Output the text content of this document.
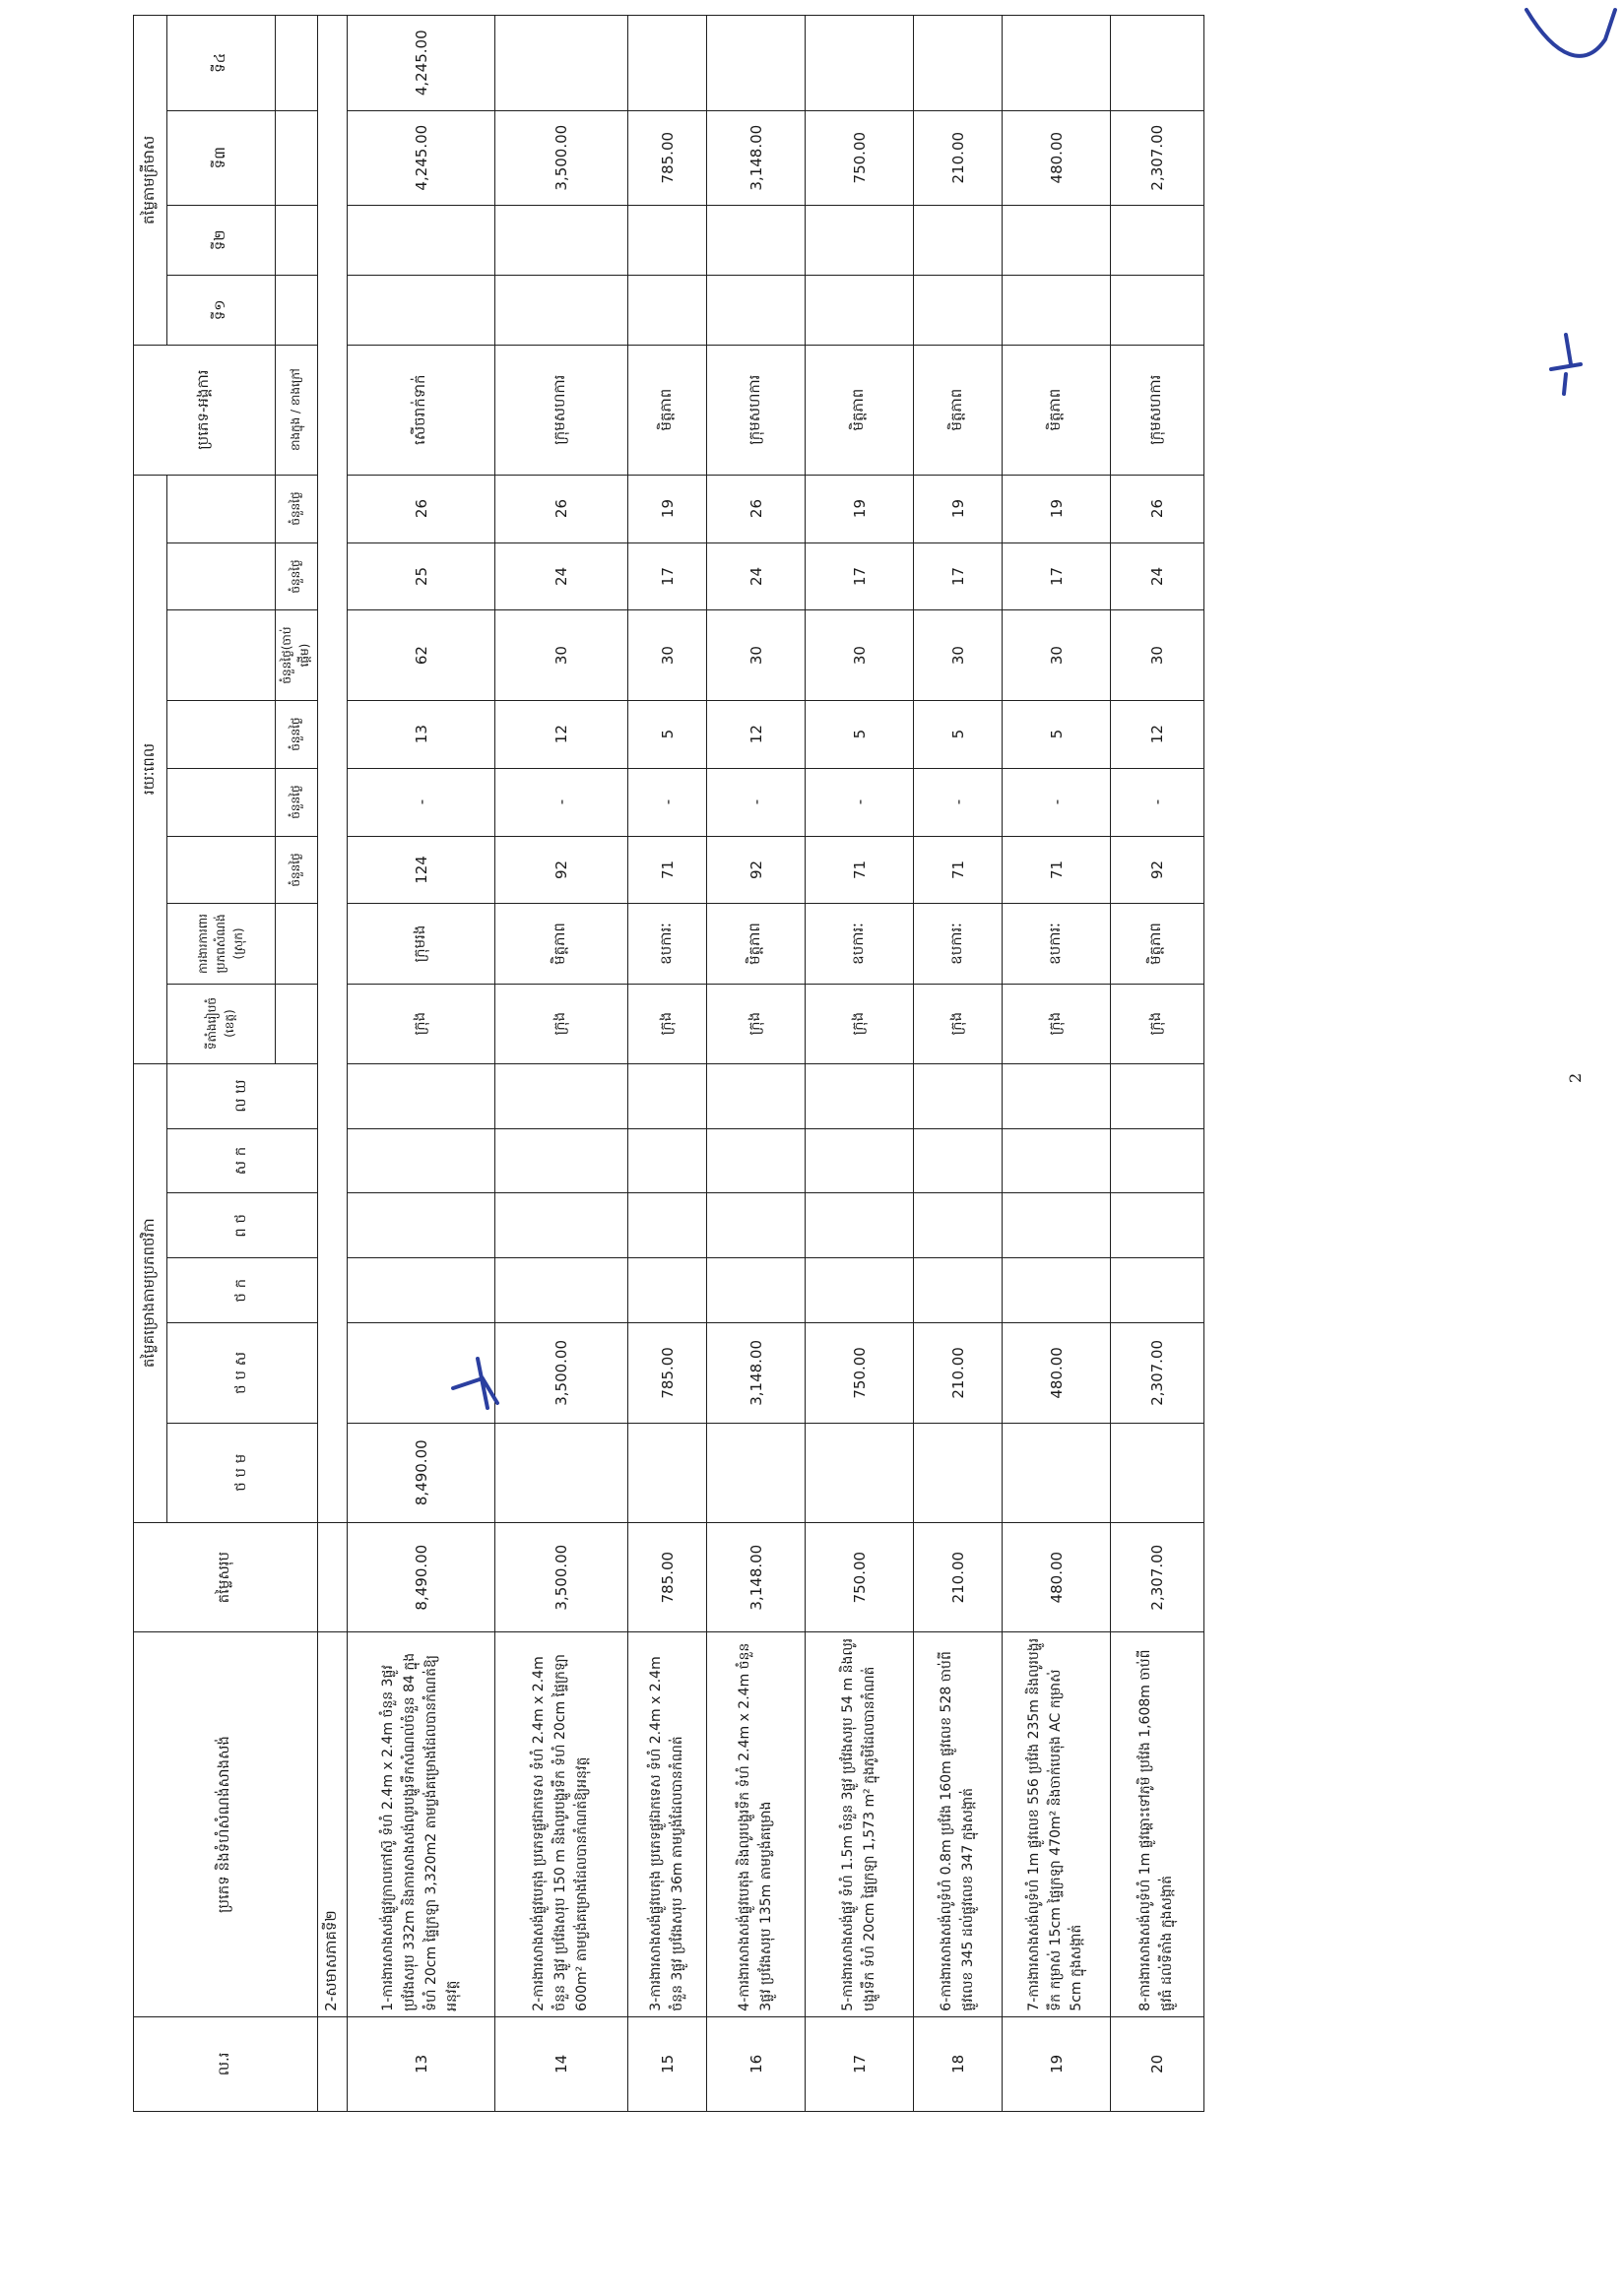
ល.រ	ប្រភេទ និងទំហំសំណង់សាងសង់	តម្លៃសរុប	តម្លៃគម្រោងតាមប្រភពថវិកា						រយៈពេល								ប្រភេទ-អង្គការ	តម្លៃតាមត្រីមាស			
			ថ ប ម	ថ ប ស	ថ ក	ព ថ	ស ក	ល ឃ	ទីតាំងរៀបចំ (ខេត្ត)	ការងារការពារ ប្រភពសំណង់ (ស្រុក)								ទី១	ទី២	ទី៣	ទី៤
											ចំនួនថ្ងៃ	ចំនួនថ្ងៃ	ចំនួនថ្ងៃ	ចំនួនថ្ងៃ(ចាប់ផ្តើម)	ចំនួនថ្ងៃ	ចំនួនថ្ងៃ	ខាងក្នុង / ខាងក្រៅ				
	2-សមាសភាគទី២																				
13	1-ការងារសាងសង់ផ្លូវក្រាលកៅស៊ូ ទំហំ 2.4m x 2.4m ចំនួន 3ផ្លូវ ប្រវែងសរុប 332m និងការសាងសង់លូរបង្ហូរទឹកសំណល់ចំនួន 84 ក្នុងទំហំ 20cm ផ្ទៃក្រឡា 3,320m2 តាមប្លង់គម្រោងដែលបានកំណត់ឱ្យអនុវត្ត	8,490.00	8,490.00						ក្រុង	ក្រុមរង	124	-	13	62	25	26	សើចរាក់ទាក់			4,245.00	4,245.00
14	2-ការងារសាងសង់ផ្លូវបេតុង ប្រភេទផ្លូវឯកទេស ទំហំ 2.4m x 2.4m ចំនួន 3ផ្លូវ ប្រវែងសរុប 150 m និងលូរបង្ហូរទឹក ទំហំ 20cm ផ្ទៃក្រឡា 600m² តាមប្លង់គម្រោងដែលបានកំណត់ឱ្យអនុវត្ត	3,500.00		3,500.00					ក្រុង	មិត្តភាព	92	-	12	30	24	26	ក្រុមសហការ			3,500.00	
15	3-ការងារសាងសង់ផ្លូវបេតុង ប្រភេទផ្លូវឯកទេស ទំហំ 2.4m x 2.4m ចំនួន 3ផ្លូវ ប្រវែងសរុប 36m តាមប្លង់ដែលបានកំណត់	785.00		785.00					ក្រុង	ឧបការៈ	71	-	5	30	17	19	មិត្តភាព			785.00	
16	4-ការងារសាងសង់ផ្លូវបេតុង និងលូរបង្ហូរទឹក ទំហំ 2.4m x 2.4m ចំនួន 3ផ្លូវ ប្រវែងសរុប 135m តាមប្លង់គម្រោង	3,148.00		3,148.00					ក្រុង	មិត្តភាព	92	-	12	30	24	26	ក្រុមសហការ			3,148.00	
17	5-ការងារសាងសង់ផ្លូវ ទំហំ 1.5m ចំនួន 3ផ្លូវ ប្រវែងសរុប 54 m និងលូរបង្ហូរទឹក ទំហំ 20cm ផ្ទៃក្រឡា 1,573 m² ក្នុងភូមិដែលបានកំណត់	750.00		750.00					ក្រុង	ឧបការៈ	71	-	5	30	17	19	មិត្តភាព			750.00	
18	6-ការងារសាងសង់លូទំហំ 0.8m ប្រវែង 160m ផ្លូវលេខ 528 ចាប់ពីផ្លូវលេខ 345 ដល់ផ្លូវលេខ 347 ក្នុងសង្កាត់	210.00		210.00					ក្រុង	ឧបការៈ	71	-	5	30	17	19	មិត្តភាព			210.00	
19	7-ការងារសាងសង់លូទំហំ 1m ផ្លូវលេខ 556 ប្រវែង 235m និងលូរបង្ហូរទឹក កម្រាស់ 15cm ផ្ទៃក្រឡា 470m² និងចាក់បេតុង AC កម្រាស់ 5cm ក្នុងសង្កាត់	480.00		480.00					ក្រុង	ឧបការៈ	71	-	5	30	17	19	មិត្តភាព			480.00	
20	8-ការងារសាងសង់លូទំហំ 1m ផ្លូវឆ្ពោះទៅភូមិ ប្រវែង 1,608m ចាប់ពីផ្លូវធំ ដល់ទីតាំង ក្នុងសង្កាត់	2,307.00		2,307.00					ក្រុង	មិត្តភាព	92	-	12	30	24	26	ក្រុមសហការ			2,307.00	
2
